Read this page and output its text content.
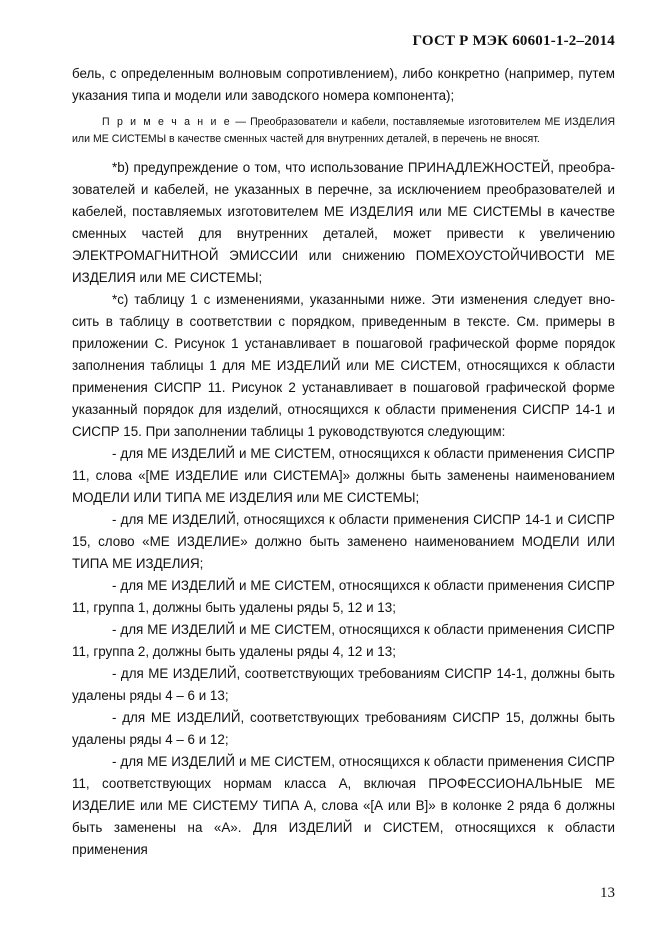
ГОСТ Р МЭК 60601-1-2–2014

бель, с определенным волновым сопротивлением), либо конкретно (например, путем указания типа и модели или заводского номера компонента);

П р и м е ч а н и е — Преобразователи и кабели, поставляемые изготовителем МЕ ИЗДЕЛИЯ или МЕ СИСТЕМЫ в качестве сменных частей для внутренних деталей, в перечень не вносят.

*b) предупреждение о том, что использование ПРИНАДЛЕЖНОСТЕЙ, преобра-зователей и кабелей, не указанных в перечне, за исключением преобразователей и кабелей, поставляемых изготовителем МЕ ИЗДЕЛИЯ или МЕ СИСТЕМЫ в качестве сменных частей для внутренних деталей, может привести к увеличению ЭЛЕКТРОМАГНИТНОЙ ЭМИССИИ или снижению ПОМЕХОУСТОЙЧИВОСТИ МЕ ИЗДЕЛИЯ или МЕ СИСТЕМЫ;

*c) таблицу 1 с изменениями, указанными ниже. Эти изменения следует вно-сить в таблицу в соответствии с порядком, приведенным в тексте. См. примеры в приложении С. Рисунок 1 устанавливает в пошаговой графической форме порядок заполнения таблицы 1 для МЕ ИЗДЕЛИЙ или МЕ СИСТЕМ, относящихся к области применения СИСПР 11. Рисунок 2 устанавливает в пошаговой графической форме указанный порядок для изделий, относящихся к области применения СИСПР 14-1 и СИСПР 15. При заполнении таблицы 1 руководствуются следующим:

- для МЕ ИЗДЕЛИЙ и МЕ СИСТЕМ, относящихся к области применения СИСПР 11, слова «[МЕ ИЗДЕЛИЕ или СИСТЕМА]» должны быть заменены наименованием МОДЕЛИ ИЛИ ТИПА МЕ ИЗДЕЛИЯ или МЕ СИСТЕМЫ;

- для МЕ ИЗДЕЛИЙ, относящихся к области применения СИСПР 14-1 и СИСПР 15, слово «МЕ ИЗДЕЛИЕ» должно быть заменено наименованием МОДЕЛИ ИЛИ ТИПА МЕ ИЗДЕЛИЯ;

- для МЕ ИЗДЕЛИЙ и МЕ СИСТЕМ, относящихся к области применения СИСПР 11, группа 1, должны быть удалены ряды 5, 12 и 13;

- для МЕ ИЗДЕЛИЙ и МЕ СИСТЕМ, относящихся к области применения СИСПР 11, группа 2, должны быть удалены ряды 4, 12 и 13;

- для МЕ ИЗДЕЛИЙ, соответствующих требованиям СИСПР 14-1, должны быть удалены ряды 4 – 6 и 13;

- для МЕ ИЗДЕЛИЙ, соответствующих требованиям СИСПР 15, должны быть удалены ряды 4 – 6 и 12;

- для МЕ ИЗДЕЛИЙ и МЕ СИСТЕМ, относящихся к области применения СИСПР 11, соответствующих нормам класса А, включая ПРОФЕССИОНАЛЬНЫЕ МЕ ИЗДЕЛИЕ или МЕ СИСТЕМУ ТИПА А, слова «[А или В]» в колонке 2 ряда 6 должны быть заменены на «А». Для ИЗДЕЛИЙ и СИСТЕМ, относящихся к области применения

13
